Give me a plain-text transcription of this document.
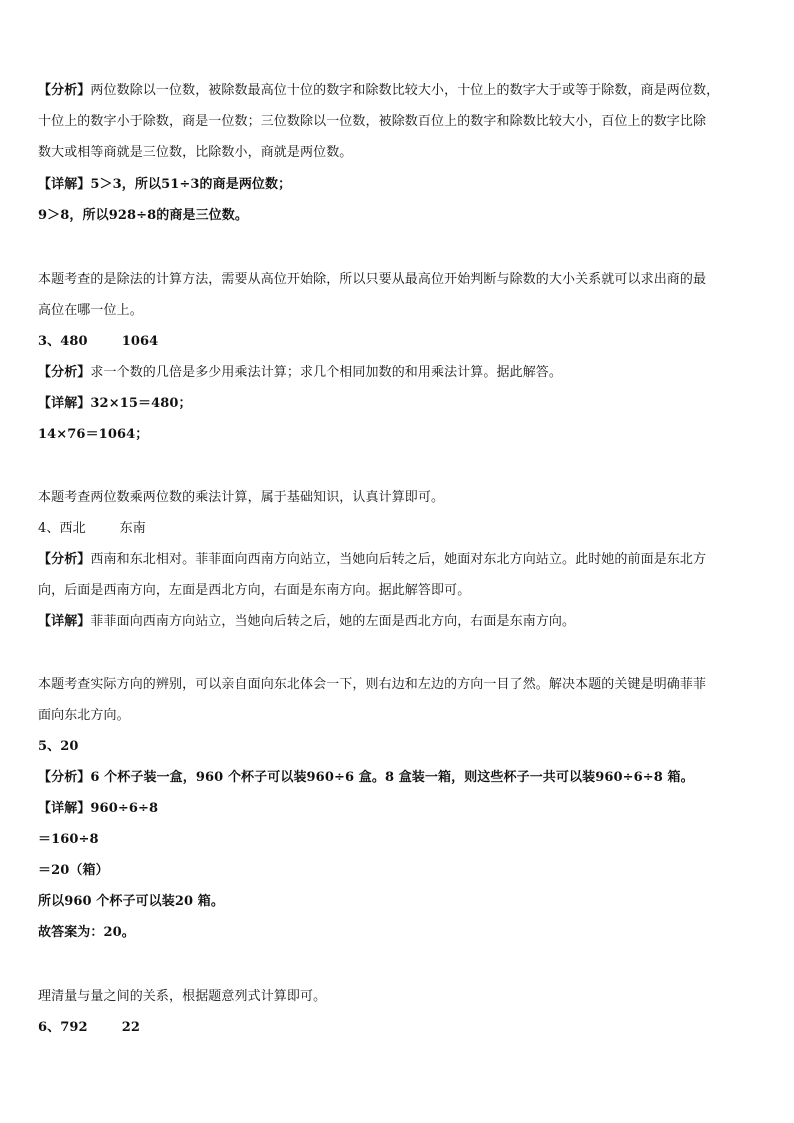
【分析】两位数除以一位数，被除数最高位十位的数字和除数比较大小，十位上的数字大于或等于除数，商是两位数，
十位上的数字小于除数，商是一位数；三位数除以一位数，被除数百位上的数字和除数比较大小，百位上的数字比除
数大或相等商就是三位数，比除数小，商就是两位数。
【详解】5＞3，所以51÷3的商是两位数；
9＞8，所以928÷8的商是三位数。
本题考查的是除法的计算方法，需要从高位开始除，所以只要从最高位开始判断与除数的大小关系就可以求出商的最
高位在哪一位上。
3、480	1064
【分析】求一个数的几倍是多少用乘法计算；求几个相同加数的和用乘法计算。据此解答。
【详解】32×15＝480；
14×76＝1064；
本题考查两位数乘两位数的乘法计算，属于基础知识，认真计算即可。
4、西北	东南
【分析】西南和东北相对。菲菲面向西南方向站立，当她向后转之后，她面对东北方向站立。此时她的前面是东北方
向，后面是西南方向，左面是西北方向，右面是东南方向。据此解答即可。
【详解】菲菲面向西南方向站立，当她向后转之后，她的左面是西北方向，右面是东南方向。
本题考查实际方向的辨别，可以亲自面向东北体会一下，则右边和左边的方向一目了然。解决本题的关键是明确菲菲
面向东北方向。
5、20
【分析】6 个杯子装一盒，960 个杯子可以装960÷6 盒。8 盒装一箱，则这些杯子一共可以装960÷6÷8 箱。
【详解】960÷6÷8
＝160÷8
＝20（箱）
所以960 个杯子可以装20 箱。
故答案为：20。
理清量与量之间的关系，根据题意列式计算即可。
6、792	22
